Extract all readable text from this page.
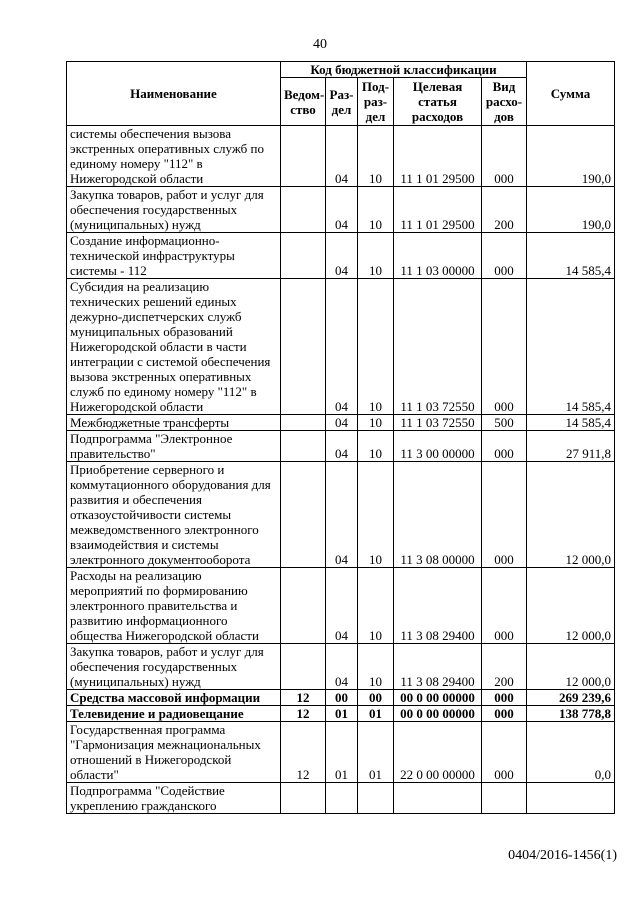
40
Наименование	Код бюджетной классификации					Сумма
	Ведом-ство	Раз-дел	Под-раз-дел	Целевая статья расходов	Вид расхо-дов	
системы обеспечения вызова экстренных оперативных служб по единому номеру "112" в Нижегородской области		04	10	11 1 01 29500	000	190,0
Закупка товаров, работ и услуг для обеспечения государственных (муниципальных) нужд		04	10	11 1 01 29500	200	190,0
Создание информационно-технической инфраструктуры системы - 112		04	10	11 1 03 00000	000	14 585,4
Субсидия на реализацию технических решений единых дежурно-диспетчерских служб муниципальных образований Нижегородской области в части интеграции с системой обеспечения вызова экстренных оперативных служб по единому номеру "112" в Нижегородской области		04	10	11 1 03 72550	000	14 585,4
Межбюджетные трансферты		04	10	11 1 03 72550	500	14 585,4
Подпрограмма "Электронное правительство"		04	10	11 3 00 00000	000	27 911,8
Приобретение серверного и коммутационного оборудования для развития и обеспечения отказоустойчивости системы межведомственного электронного взаимодействия и системы электронного документооборота		04	10	11 3 08 00000	000	12 000,0
Расходы на реализацию мероприятий по формированию электронного правительства и развитию информационного общества Нижегородской области		04	10	11 3 08 29400	000	12 000,0
Закупка товаров, работ и услуг для обеспечения государственных (муниципальных) нужд		04	10	11 3 08 29400	200	12 000,0
Средства массовой информации	12	00	00	00 0 00 00000	000	269 239,6
Телевидение и радиовещание	12	01	01	00 0 00 00000	000	138 778,8
Государственная программа "Гармонизация межнациональных отношений в Нижегородской области"	12	01	01	22 0 00 00000	000	0,0
Подпрограмма "Содействие укреплению гражданского						
0404/2016-1456(1)
